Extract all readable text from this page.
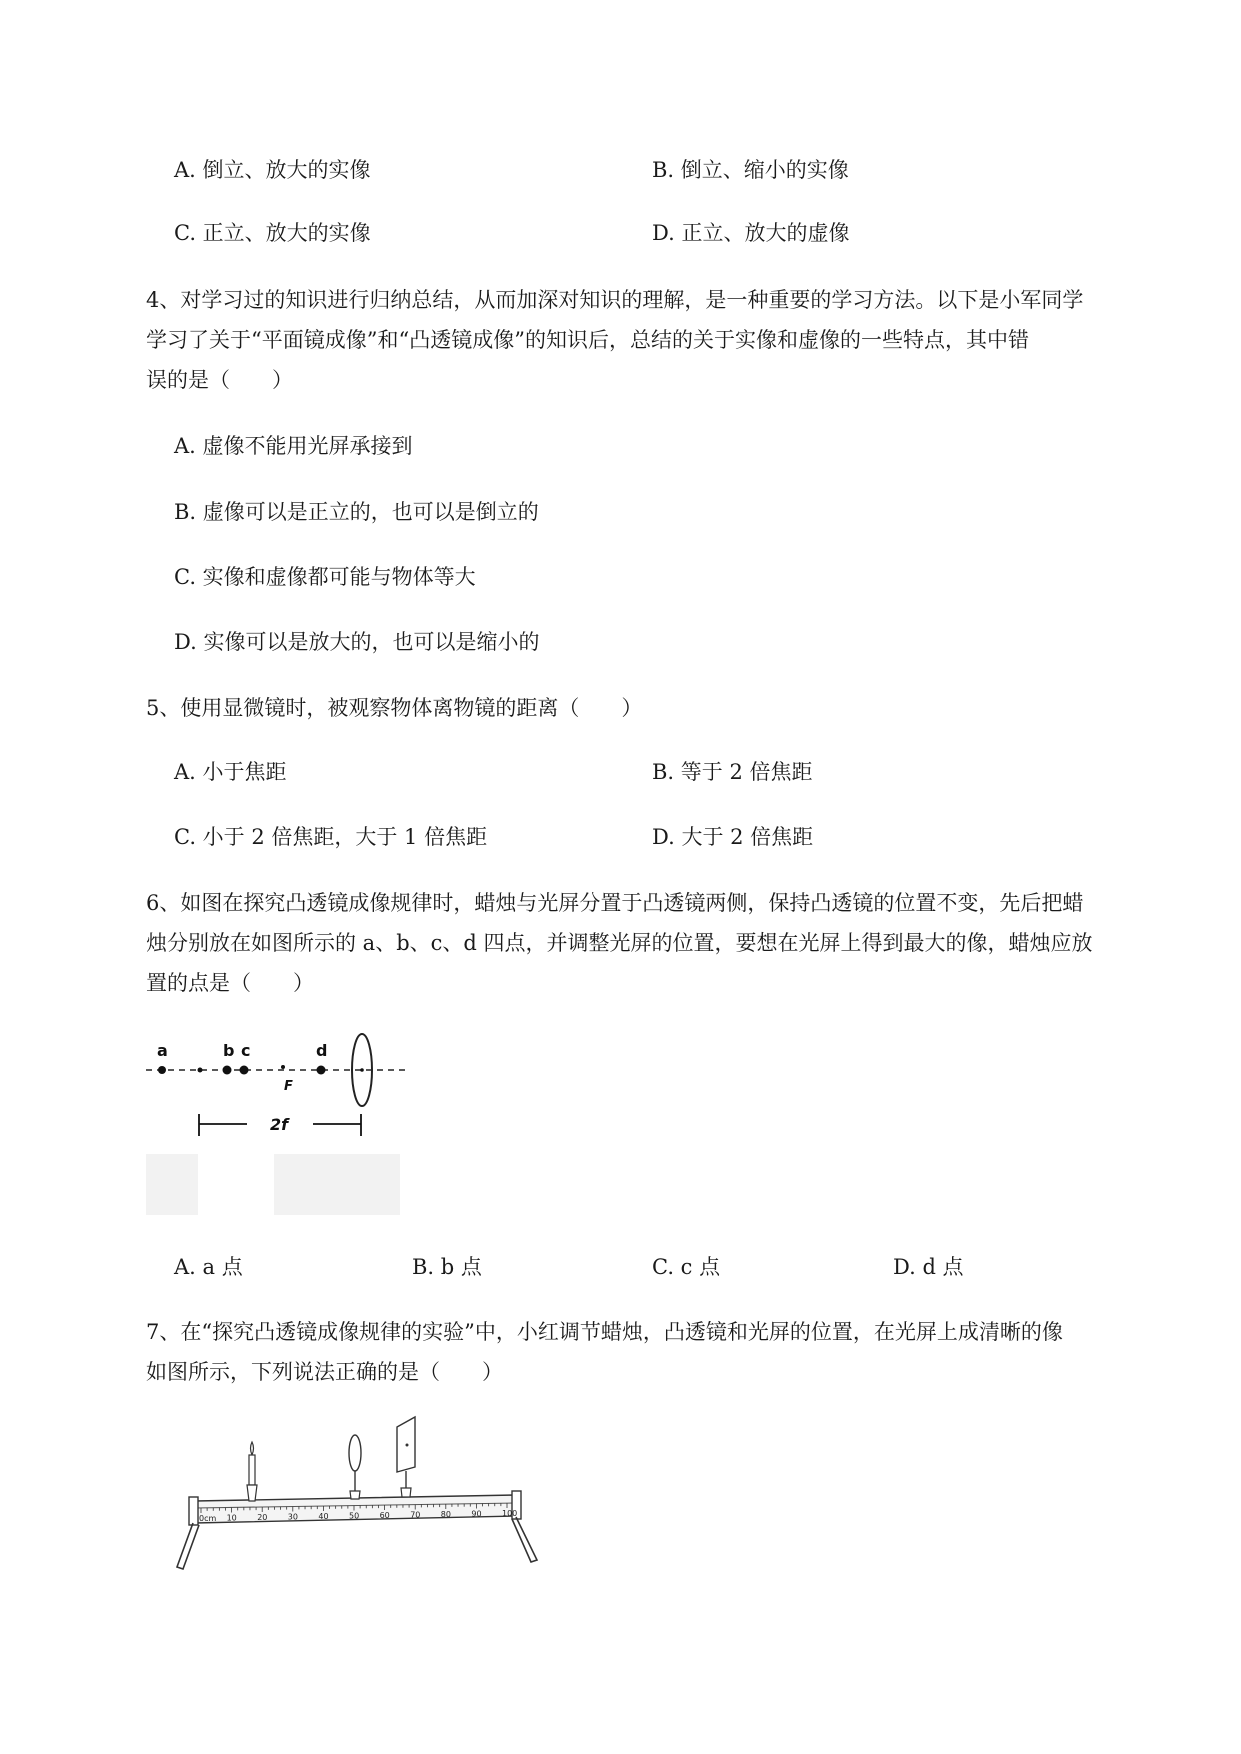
A. 倒立、放大的实像	B. 倒立、缩小的实像
C. 正立、放大的实像	D. 正立、放大的虚像
4、对学习过的知识进行归纳总结，从而加深对知识的理解，是一种重要的学习方法。以下是小军同学
学习了关于“平面镜成像”和“凸透镜成像”的知识后，总结的关于实像和虚像的一些特点，其中错
误的是（　　）
A. 虚像不能用光屏承接到
B. 虚像可以是正立的，也可以是倒立的
C. 实像和虚像都可能与物体等大
D. 实像可以是放大的，也可以是缩小的
5、使用显微镜时，被观察物体离物镜的距离（　　）
A. 小于焦距	B. 等于 2 倍焦距
C. 小于 2 倍焦距，大于 1 倍焦距	D. 大于 2 倍焦距
6、如图在探究凸透镜成像规律时，蜡烛与光屏分置于凸透镜两侧，保持凸透镜的位置不变，先后把蜡
烛分别放在如图所示的 a、b、c、d 四点，并调整光屏的位置，要想在光屏上得到最大的像，蜡烛应放
置的点是（　　）
a	b c	d
F
2f
A. a 点	B. b 点	C. c 点	D. d 点
7、在“探究凸透镜成像规律的实验”中，小红调节蜡烛，凸透镜和光屏的位置，在光屏上成清晰的像
如图所示，下列说法正确的是（　　）
0cm 10	20	30	40	50	60	70	80	90	100
